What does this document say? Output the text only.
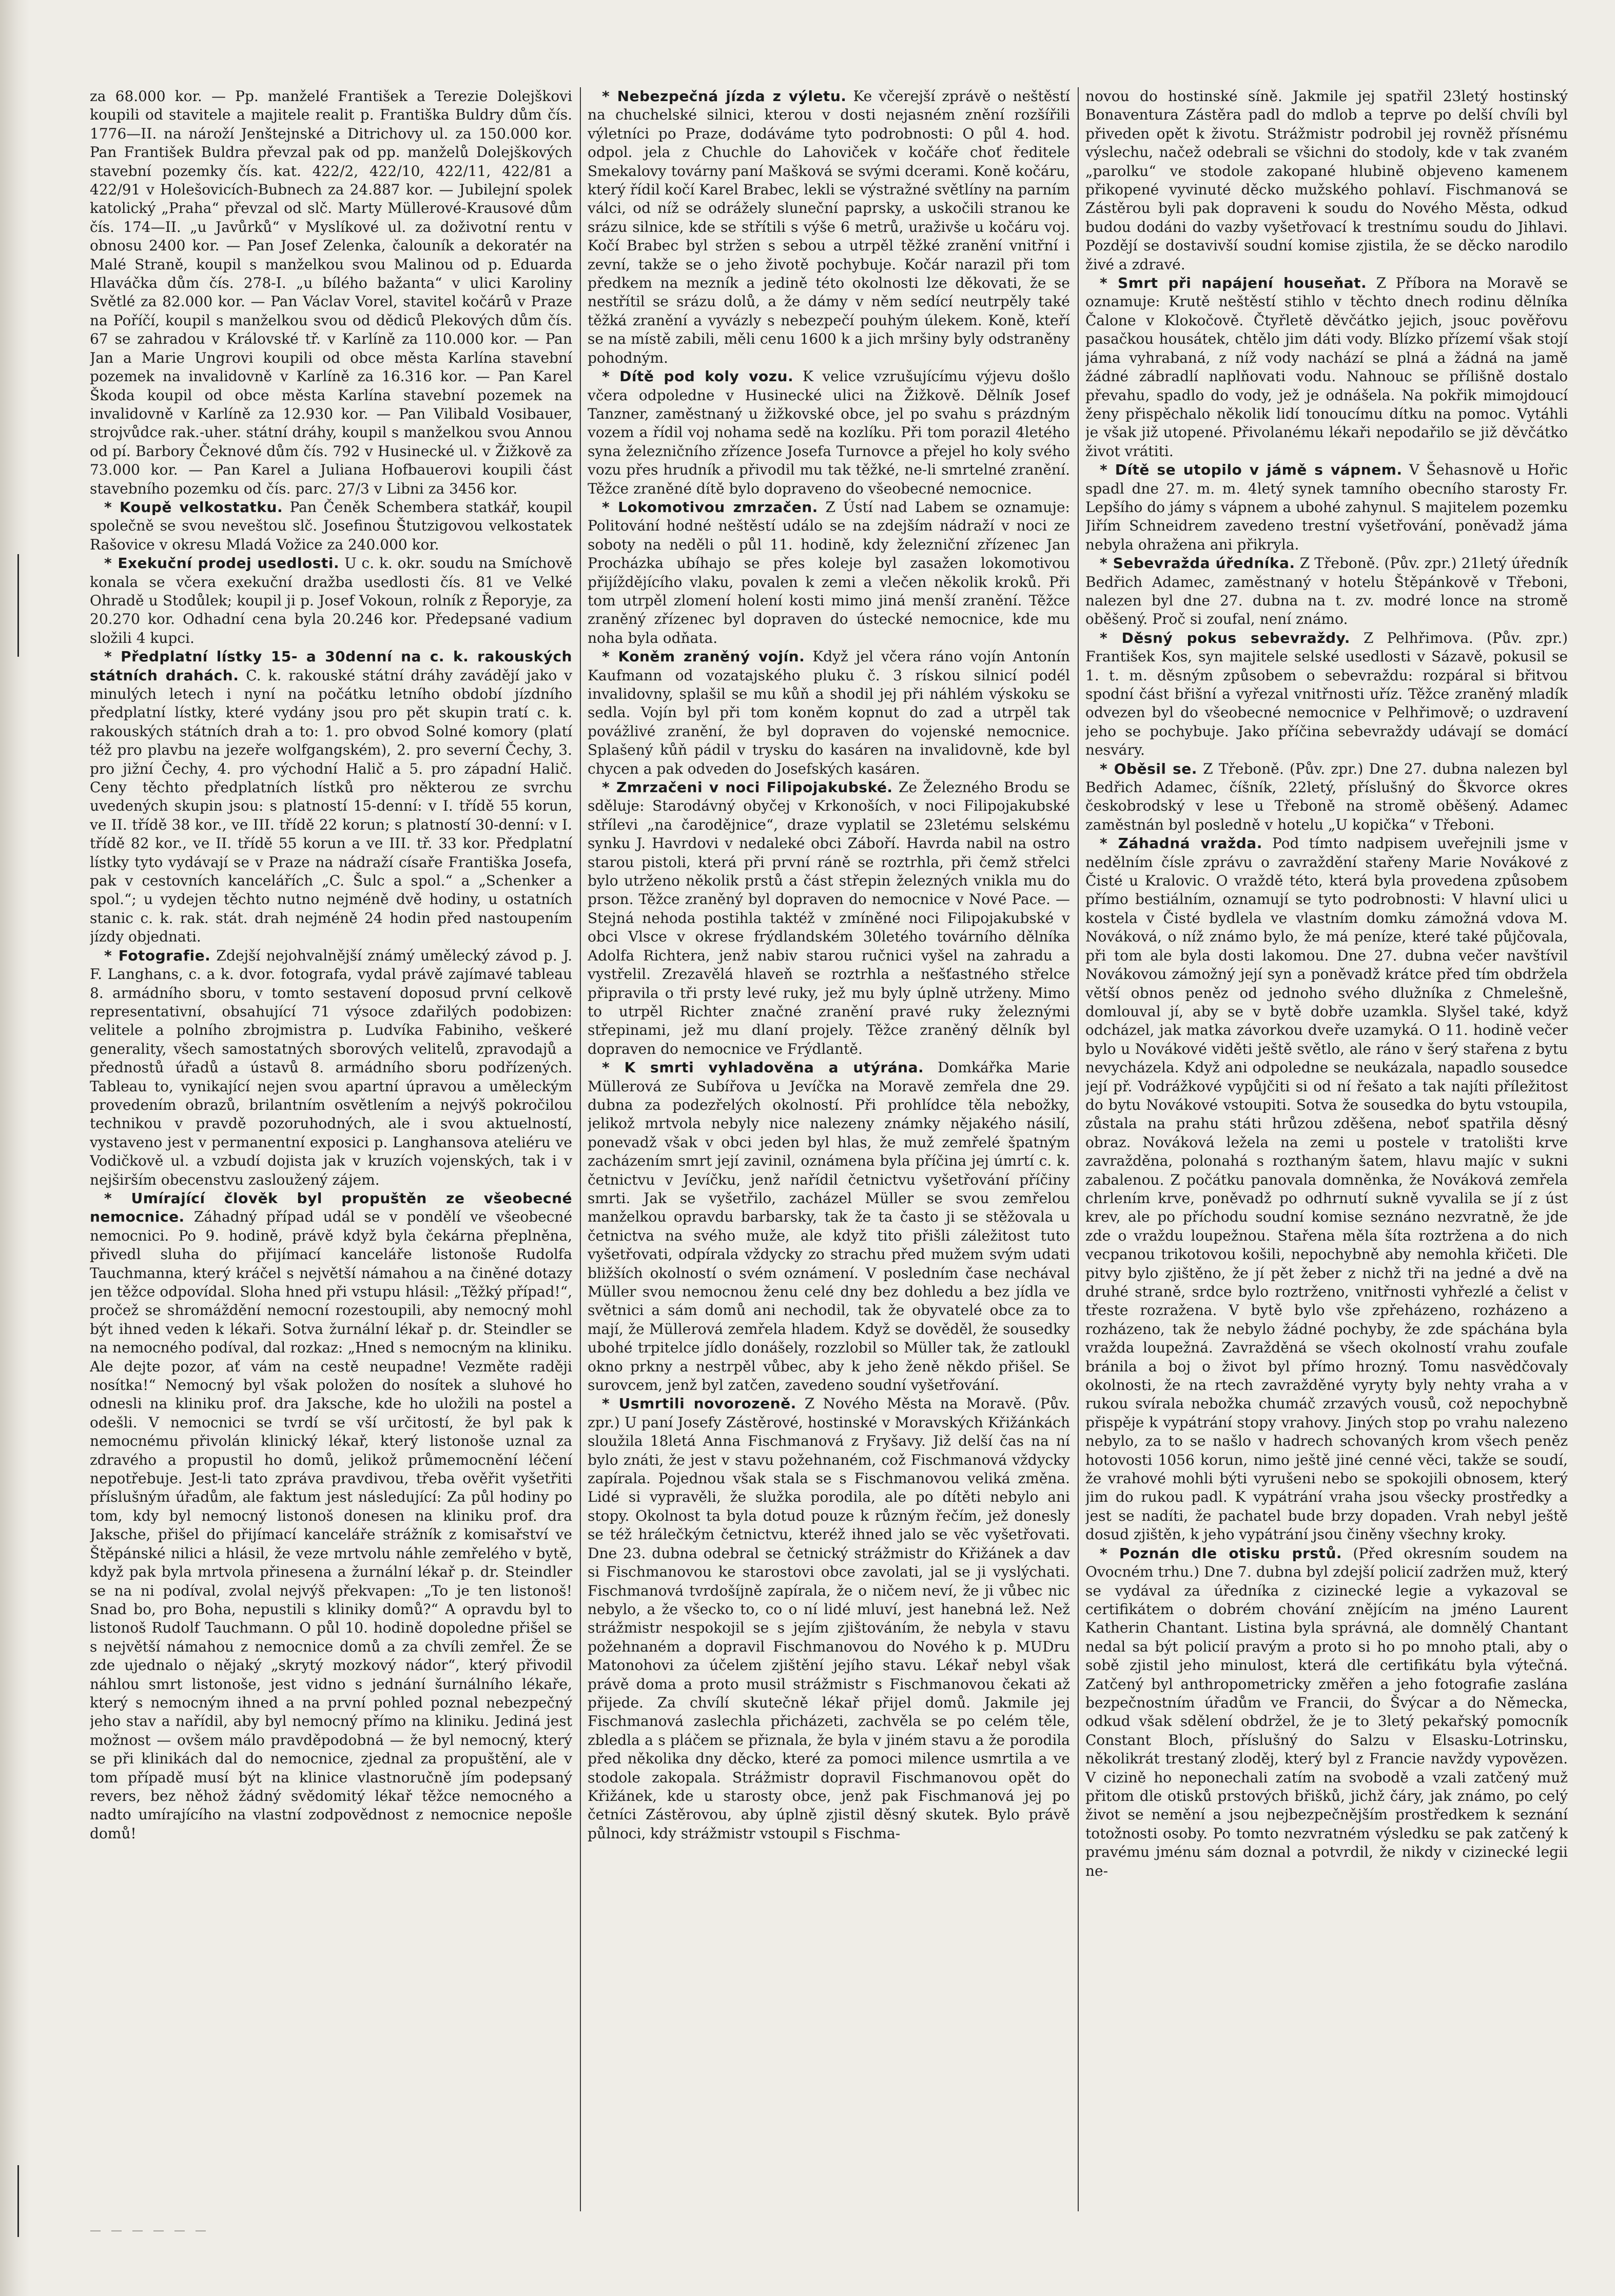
za 68.000 kor. — Pp. manželé František a Terezie Dolejškovi koupili od stavitele a majitele realit p. Františka Buldry dům čís. 1776—II. na nároží Jenštejnské a Ditrichovy ul. za 150.000 kor. Pan František Buldra převzal pak od pp. manželů Dolejškových stavební pozemky čís. kat. 422/2, 422/10, 422/11, 422/81 a 422/91 v Holešovicích-Bubnech za 24.887 kor. — Jubilejní spolek katolický „Praha“ převzal od slč. Marty Müllerové-Krausové dům čís. 174—II. „u Javůrků“ v Myslíkové ul. za doživotní rentu v obnosu 2400 kor. — Pan Josef Zelenka, čalouník a dekoratér na Malé Straně, koupil s manželkou svou Malinou od p. Eduarda Hlaváčka dům čís. 278-I. „u bílého bažanta“ v ulici Karoliny Světlé za 82.000 kor. — Pan Václav Vorel, stavitel kočárů v Praze na Poříčí, koupil s manželkou svou od dědiců Plekových dům čís. 67 se zahradou v Královské tř. v Karlíně za 110.000 kor. — Pan Jan a Marie Ungrovi koupili od obce města Karlína stavební pozemek na invalidovně v Karlíně za 16.316 kor. — Pan Karel Škoda koupil od obce města Karlína stavební pozemek na invalidovně v Karlíně za 12.930 kor. — Pan Vilibald Vosibauer, strojvůdce rak.-uher. státní dráhy, koupil s manželkou svou Annou od pí. Barbory Čeknové dům čís. 792 v Husinecké ul. v Žižkově za 73.000 kor. — Pan Karel a Juliana Hofbauerovi koupili část stavebního pozemku od čís. parc. 27/3 v Libni za 3456 kor.

* Koupě velkostatku. Pan Čeněk Schembera statkář, koupil společně se svou neveštou slč. Josefinou Štutzigovou velkostatek Rašovice v okresu Mladá Vožice za 240.000 kor.

* Exekuční prodej usedlosti. U c. k. okr. soudu na Smíchově konala se včera exekuční dražba usedlosti čís. 81 ve Velké Ohradě u Stodůlek; koupil ji p. Josef Vokoun, rolník z Řeporyje, za 20.270 kor. Odhadní cena byla 20.246 kor. Předepsané vadium složili 4 kupci.

* Předplatní lístky 15- a 30denní na c. k. rakouských státních drahách. C. k. rakouské státní dráhy zavádějí jako v minulých letech i nyní na počátku letního období jízdního předplatní lístky, které vydány jsou pro pět skupin tratí c. k. rakouských státních drah a to: 1. pro obvod Solné komory (platí též pro plavbu na jezeře wolfgangském), 2. pro severní Čechy, 3. pro jižní Čechy, 4. pro východní Halič a 5. pro západní Halič. Ceny těchto předplatních lístků pro některou ze svrchu uvedených skupin jsou: s platností 15-denní: v I. třídě 55 korun, ve II. třídě 38 kor., ve III. třídě 22 korun; s platností 30-denní: v I. třídě 82 kor., ve II. třídě 55 korun a ve III. tř. 33 kor. Předplatní lístky tyto vydávají se v Praze na nádraží císaře Františka Josefa, pak v cestovních kancelářích „C. Šulc a spol.“ a „Schenker a spol.“; u vydejen těchto nutno nejméně dvě hodiny, u ostatních stanic c. k. rak. stát. drah nejméně 24 hodin před nastoupením jízdy objednati.

* Fotografie. Zdejší nejohvalnější známý umělecký závod p. J. F. Langhans, c. a k. dvor. fotografa, vydal právě zajímavé tableau 8. armádního sboru, v tomto sestavení doposud první celkově representativní, obsahující 71 výsoce zdařilých podobizen: velitele a polního zbrojmistra p. Ludvíka Fabiniho, veškeré generality, všech samostatných sborových velitelů, zpravodajů a přednostů úřadů a ústavů 8. armádního sboru podřízených. Tableau to, vynikající nejen svou apartní úpravou a uměleckým provedením obrazů, brilantním osvětlením a nejvýš pokročilou technikou v pravdě pozoruhodných, ale i svou aktuelností, vystaveno jest v permanentní exposici p. Langhansova ateliéru ve Vodičkově ul. a vzbudí dojista jak v kruzích vojenských, tak i v nejširším obecenstvu zasloužený zájem.

* Umírající člověk byl propuštěn ze všeobecné nemocnice. Záhadný případ udál se v pondělí ve všeobecné nemocnici. Po 9. hodině, právě když byla čekárna přeplněna, přivedl sluha do přijímací kanceláře listonoše Rudolfa Tauchmanna, který kráčel s největší námahou a na činěné dotazy jen těžce odpovídal. Sloha hned při vstupu hlásil: „Těžký případ!“, pročež se shromáždění nemocní rozestoupili, aby nemocný mohl být ihned veden k lékaři. Sotva žurnální lékař p. dr. Steindler se na nemocného podíval, dal rozkaz: „Hned s nemocným na kliniku. Ale dejte pozor, ať vám na cestě neupadne! Vezměte raději nosítka!“ Nemocný byl však položen do nosítek a sluhové ho odnesli na kliniku prof. dra Jaksche, kde ho uložili na postel a odešli. V nemocnici se tvrdí se vší určitostí, že byl pak k nemocnému přivolán klinický lékař, který listonoše uznal za zdravého a propustil ho domů, jelikož průmemocnění léčení nepotřebuje. Jest-li tato zpráva pravdivou, třeba ověřit vyšetřiti příslušným úřadům, ale faktum jest následující: Za půl hodiny po tom, kdy byl nemocný listonoš donesen na kliniku prof. dra Jaksche, přišel do přijímací kanceláře strážník z komisařství ve Štěpánské nilici a hlásil, že veze mrtvolu náhle zemřelého v bytě, když pak byla mrtvola přinesena a žurnální lékař p. dr. Steindler se na ni podíval, zvolal nejvýš překvapen: „To je ten listonoš! Snad bo, pro Boha, nepustili s kliniky domů?“ A opravdu byl to listonoš Rudolf Tauchmann. O půl 10. hodině dopoledne přišel se s největší námahou z nemocnice domů a za chvíli zemřel. Že se zde ujednalo o nějaký „skrytý mozkový nádor“, který přivodil náhlou smrt listonoše, jest vidno s jednání šurnálního lékaře, který s nemocným ihned a na první pohled poznal nebezpečný jeho stav a nařídil, aby byl nemocný přímo na kliniku. Jediná jest možnost — ovšem málo pravděpodobná — že byl nemocný, který se při klinikách dal do nemocnice, zjednal za propuštění, ale v tom případě musí být na klinice vlastnoručně jím podepsaný revers, bez něhož žádný svědomitý lékař těžce nemocného a nadto umírajícího na vlastní zodpovědnost z nemocnice nepošle domů!

* Nebezpečná jízda z výletu. Ke včerejší zprávě o neštěstí na chuchelské silnici, kterou v dosti nejasném znění rozšířili výletníci po Praze, dodáváme tyto podrobnosti: O půl 4. hod. odpol. jela z Chuchle do Lahoviček v kočáře choť ředitele Smekalovy továrny paní Mašková se svými dcerami. Koně kočáru, který řídil kočí Karel Brabec, lekli se výstražné světlíny na parním válci, od níž se odrážely sluneční paprsky, a uskočili stranou ke srázu silnice, kde se střítili s výše 6 metrů, uraživše u kočáru voj. Kočí Brabec byl stržen s sebou a utrpěl těžké zranění vnitřní i zevní, takže se o jeho životě pochybuje. Kočár narazil při tom předkem na mezník a jedině této okolnosti lze děkovati, že se nestřítil se srázu dolů, a že dámy v něm sedící neutrpěly také těžká zranění a vyvázly s nebezpečí pouhým úlekem. Koně, kteří se na místě zabili, měli cenu 1600 k a jich mršiny byly odstraněny pohodným.

* Dítě pod koly vozu. K velice vzrušujícímu výjevu došlo včera odpoledne v Husinecké ulici na Žižkově. Dělník Josef Tanzner, zaměstnaný u žižkovské obce, jel po svahu s prázdným vozem a řídil voj nohama sedě na kozlíku. Při tom porazil 4letého syna železničního zřízence Josefa Turnovce a přejel ho koly svého vozu přes hrudník a přivodil mu tak těžké, ne-li smrtelné zranění. Těžce zraněné dítě bylo dopraveno do všeobecné nemocnice.

* Lokomotivou zmrzačen. Z Ústí nad Labem se oznamuje: Politování hodné neštěstí událo se na zdejším nádraží v noci ze soboty na neděli o půl 11. hodině, kdy železniční zřízenec Jan Procházka ubíhajo se přes koleje byl zasažen lokomotivou přijíždějícího vlaku, povalen k zemi a vlečen několik kroků. Při tom utrpěl zlomení holení kosti mimo jiná menší zranění. Těžce zraněný zřízenec byl dopraven do ústecké nemocnice, kde mu noha byla odňata.

* Koněm zraněný vojín. Když jel včera ráno vojín Antonín Kaufmann od vozatajského pluku č. 3 rískou silnicí podél invalidovny, splašil se mu kůň a shodil jej při náhlém výskoku se sedla. Vojín byl při tom koněm kopnut do zad a utrpěl tak povážlivé zranění, že byl dopraven do vojenské nemocnice. Splašený kůň pádil v trysku do kasáren na invalidovně, kde byl chycen a pak odveden do Josefských kasáren.

* Zmrzačeni v noci Filipojakubské. Ze Železného Brodu se sděluje: Starodávný obyčej v Krkonoších, v noci Filipojakubské střílevi „na čarodějnice“, draze vyplatil se 23letému selskému synku J. Havrdovi v nedaleké obci Záboří. Havrda nabil na ostro starou pistoli, která při první ráně se roztrhla, při čemž střelci bylo utrženo několik prstů a část střepin železných vnikla mu do prson. Těžce zraněný byl dopraven do nemocnice v Nové Pace. — Stejná nehoda postihla taktéž v zmíněné noci Filipojakubské v obci Vlsce v okrese frýdlandském 30letého továrního dělníka Adolfa Richtera, jenž nabiv starou ručnici vyšel na zahradu a vystřelil. Zrezavělá hlaveň se roztrhla a nešťastného střelce připravila o tři prsty levé ruky, jež mu byly úplně utrženy. Mimo to utrpěl Richter značné zranění pravé ruky železnými střepinami, jež mu dlaní projely. Těžce zraněný dělník byl dopraven do nemocnice ve Frýdlantě.

* K smrti vyhladověna a utýrána. Domkářka Marie Müllerová ze Subířova u Jevíčka na Moravě zemřela dne 29. dubna za podezřelých okolností. Při prohlídce těla nebožky, jelikož mrtvola nebyly nice nalezeny známky nějakého násilí, ponevadž však v obci jeden byl hlas, že muž zemřelé špatným zacházením smrt její zavinil, oznámena byla příčina jej úmrtí c. k. četnictvu v Jevíčku, jenž nařídil četnictvu vyšetřování příčiny smrti. Jak se vyšetřilo, zacházel Müller se svou zemřelou manželkou opravdu barbarsky, tak že ta často ji se stěžovala u četnictva na svého muže, ale když tito přišli záležitost tuto vyšetřovati, odpírala vždycky zo strachu před mužem svým udati bližších okolností o svém oznámení. V posledním čase nechával Müller svou nemocnou ženu celé dny bez dohledu a bez jídla ve světnici a sám domů ani nechodil, tak že obyvatelé obce za to mají, že Müllerová zemřela hladem. Když se dověděl, že sousedky ubohé trpitelce jídlo donášely, rozzlobil so Müller tak, že zatloukl okno prkny a nestrpěl vůbec, aby k jeho ženě někdo přišel. Se surovcem, jenž byl zatčen, zavedeno soudní vyšetřování.

* Usmrtili novorozeně. Z Nového Města na Moravě. (Pův. zpr.) U paní Josefy Zástěrové, hostinské v Moravských Křižánkách sloužila 18letá Anna Fischmanová z Fryšavy. Již delší čas na ní bylo znáti, že jest v stavu požehnaném, což Fischmanová vždycky zapírala. Pojednou však stala se s Fischmanovou veliká změna. Lidé si vypravěli, že služka porodila, ale po dítěti nebylo ani stopy. Okolnost ta byla dotud pouze k různým řečím, jež donesly se též hrálečkým četnictvu, kteréž ihned jalo se věc vyšetřovati. Dne 23. dubna odebral se četnický strážmistr do Křižánek a dav si Fischmanovou ke starostovi obce zavolati, jal se ji vyslýchati. Fischmanová tvrdošíjně zapírala, že o ničem neví, že ji vůbec nic nebylo, a že všecko to, co o ní lidé mluví, jest hanebná lež. Než strážmistr nespokojil se s jejím zjištováním, že nebyla v stavu požehnaném a dopravil Fischmanovou do Nového k p. MUDru Matonohovi za účelem zjištění jejího stavu. Lékař nebyl však právě doma a proto musil strážmistr s Fischmanovou čekati až přijede. Za chvílí skutečně lékař přijel domů. Jakmile jej Fischmanová zaslechla přicházeti, zachvěla se po celém těle, zbledla a s pláčem se přiznala, že byla v jiném stavu a že porodila před několika dny děcko, které za pomoci milence usmrtila a ve stodole zakopala. Strážmistr dopravil Fischmanovou opět do Křižánek, kde u starosty obce, jenž pak Fischmanová jej po četníci Zástěrovou, aby úplně zjistil děsný skutek. Bylo právě půlnoci, kdy strážmistr vstoupil s Fischma-

novou do hostinské síně. Jakmile jej spatřil 23letý hostinský Bonaventura Zástěra padl do mdlob a teprve po delší chvíli byl přiveden opět k životu. Strážmistr podrobil jej rovněž přísnému výslechu, načež odebrali se všichni do stodoly, kde v tak zvaném „parolku“ ve stodole zakopané hlubině objeveno kamenem přikopené vyvinuté děcko mužského pohlaví. Fischmanová se Zástěrou byli pak dopraveni k soudu do Nového Města, odkud budou dodáni do vazby vyšetřovací k trestnímu soudu do Jihlavi. Pozdějí se dostavivší soudní komise zjistila, že se děcko narodilo živé a zdravé.

* Smrt při napájení houseňat. Z Příbora na Moravě se oznamuje: Krutě neštěstí stihlo v těchto dnech rodinu dělníka Čalone v Klokočově. Čtyřletě děvčátko jejich, jsouc pověřovu pasačkou housátek, chtělo jim dáti vody. Blízko přízemí však stojí jáma vyhrabaná, z níž vody nachází se plná a žádná na jamě žádné zábradlí naplňovati vodu. Nahnouc se přílišně dostalo převahu, spadlo do vody, jež je odnášela. Na pokřik mimojdoucí ženy přispěchalo několik lidí tonoucímu dítku na pomoc. Vytáhli je však již utopené. Přivolanému lékaři nepodařilo se již děvčátko život vrátiti.

* Dítě se utopilo v jámě s vápnem. V Šehasnově u Hořic spadl dne 27. m. m. 4letý synek tamního obecního starosty Fr. Lepšího do jámy s vápnem a ubohé zahynul. S majitelem pozemku Jiřím Schneidrem zavedeno trestní vyšetřování, poněvadž jáma nebyla ohražena ani přikryla.

* Sebevražda úředníka. Z Třeboně. (Pův. zpr.) 21letý úředník Bedřich Adamec, zaměstnaný v hotelu Štěpánkově v Třeboni, nalezen byl dne 27. dubna na t. zv. modré lonce na stromě oběšený. Proč si zoufal, není známo.

* Děsný pokus sebevraždy. Z Pelhřimova. (Pův. zpr.) František Kos, syn majitele selské usedlosti v Sázavě, pokusil se 1. t. m. děsným způsobem o sebevraždu: rozpáral si břitvou spodní část břišní a vyřezal vnitřnosti uříz. Těžce zraněný mladík odvezen byl do všeobecné nemocnice v Pelhřimově; o uzdravení jeho se pochybuje. Jako příčina sebevraždy udávají se domácí nesváry.

* Oběsil se. Z Třeboně. (Pův. zpr.) Dne 27. dubna nalezen byl Bedřich Adamec, číšník, 22letý, příslušný do Škvorce okres českobrodský v lese u Třeboně na stromě oběšený. Adamec zaměstnán byl posledně v hotelu „U kopička“ v Třeboni.

* Záhadná vražda. Pod tímto nadpisem uveřejnili jsme v nedělním čísle zprávu o zavraždění stařeny Marie Novákové z Čisté u Kralovic. O vraždě této, která byla provedena způsobem přímo bestiálním, oznamují se tyto podrobnosti: V hlavní ulici u kostela v Čisté bydlela ve vlastním domku zámožná vdova M. Nováková, o níž známo bylo, že má peníze, které také půjčovala, při tom ale byla dosti lakomou. Dne 27. dubna večer navštívil Novákovou zámožný její syn a poněvadž krátce před tím obdržela větší obnos peněz od jednoho svého dlužníka z Chmelešně, domlouval jí, aby se v bytě dobře uzamkla. Slyšel také, když odcházel, jak matka závorkou dveře uzamyká. O 11. hodině večer bylo u Novákové viděti ještě světlo, ale ráno v šerý stařena z bytu nevycházela. Když ani odpoledne se neukázala, napadlo sousedce její př. Vodrážkové vypůjčiti si od ní řešato a tak najíti příležitost do bytu Novákové vstoupiti. Sotva že sousedka do bytu vstoupila, zůstala na prahu státi hrůzou zděšena, neboť spatřila děsný obraz. Nováková ležela na zemi u postele v tratolišti krve zavražděna, polonahá s rozthaným šatem, hlavu majíc v sukni zabalenou. Z počátku panovala domněnka, že Nováková zemřela chrlením krve, poněvadž po odhrnutí sukně vyvalila se jí z úst krev, ale po příchodu soudní komise seznáno nezvratně, že jde zde o vraždu loupežnou. Stařena měla šíta roztržena a do nich vecpanou trikotovou košili, nepochybně aby nemohla křičeti. Dle pitvy bylo zjištěno, že jí pět žeber z nichž tři na jedné a dvě na druhé straně, srdce bylo roztrženo, vnitřnosti vyhřezlé a čelist v třeste rozražena. V bytě bylo vše zpřeházeno, rozházeno a rozházeno, tak že nebylo žádné pochyby, že zde spáchána byla vražda loupežná. Zavražděná se všech okolností vrahu zoufale bránila a boj o život byl přímo hrozný. Tomu nasvědčovaly okolnosti, že na rtech zavražděné vyryty byly nehty vraha a v rukou svírala nebožka chumáč zrzavých vousů, což nepochybně přispěje k vypátrání stopy vrahovy. Jiných stop po vrahu nalezeno nebylo, za to se našlo v hadrech schovaných krom všech peněz hotovosti 1056 korun, nimo ještě jiné cenné věci, takže se soudí, že vrahové mohli býti vyrušeni nebo se spokojili obnosem, který jim do rukou padl. K vypátrání vraha jsou všecky prostředky a jest se nadíti, že pachatel bude brzy dopaden. Vrah nebyl ještě dosud zjištěn, k jeho vypátrání jsou činěny všechny kroky.

* Poznán dle otisku prstů. (Před okresním soudem na Ovocném trhu.) Dne 7. dubna byl zdejší policií zadržen muž, který se vydával za úředníka z cizinecké legie a vykazoval se certifikátem o dobrém chování znějícím na jméno Laurent Katherin Chantant. Listina byla správná, ale domnělý Chantant nedal sa být policií pravým a proto si ho po mnoho ptali, aby o sobě zjistil jeho minulost, která dle certifikátu byla výtečná. Zatčený byl anthropometricky změřen a jeho fotografie zaslána bezpečnostním úřadům ve Francii, do Švýcar a do Německa, odkud však sdělení obdržel, že je to 3letý pekařský pomocník Constant Bloch, příslušný do Salzu v Elsasku-Lotrinsku, několikrát trestaný zloděj, který byl z Francie navždy vypovězen. V cizině ho neponechali zatím na svobodě a vzali zatčený muž přitom dle otisků prstových břišků, jichž čáry, jak známo, po celý život se nemění a jsou nejbezpečnějším prostředkem k seznání totožnosti osoby. Po tomto nezvratném výsledku se pak zatčený k pravému jménu sám doznal a potvrdil, že nikdy v cizinecké legii ne-

— — — — — —
